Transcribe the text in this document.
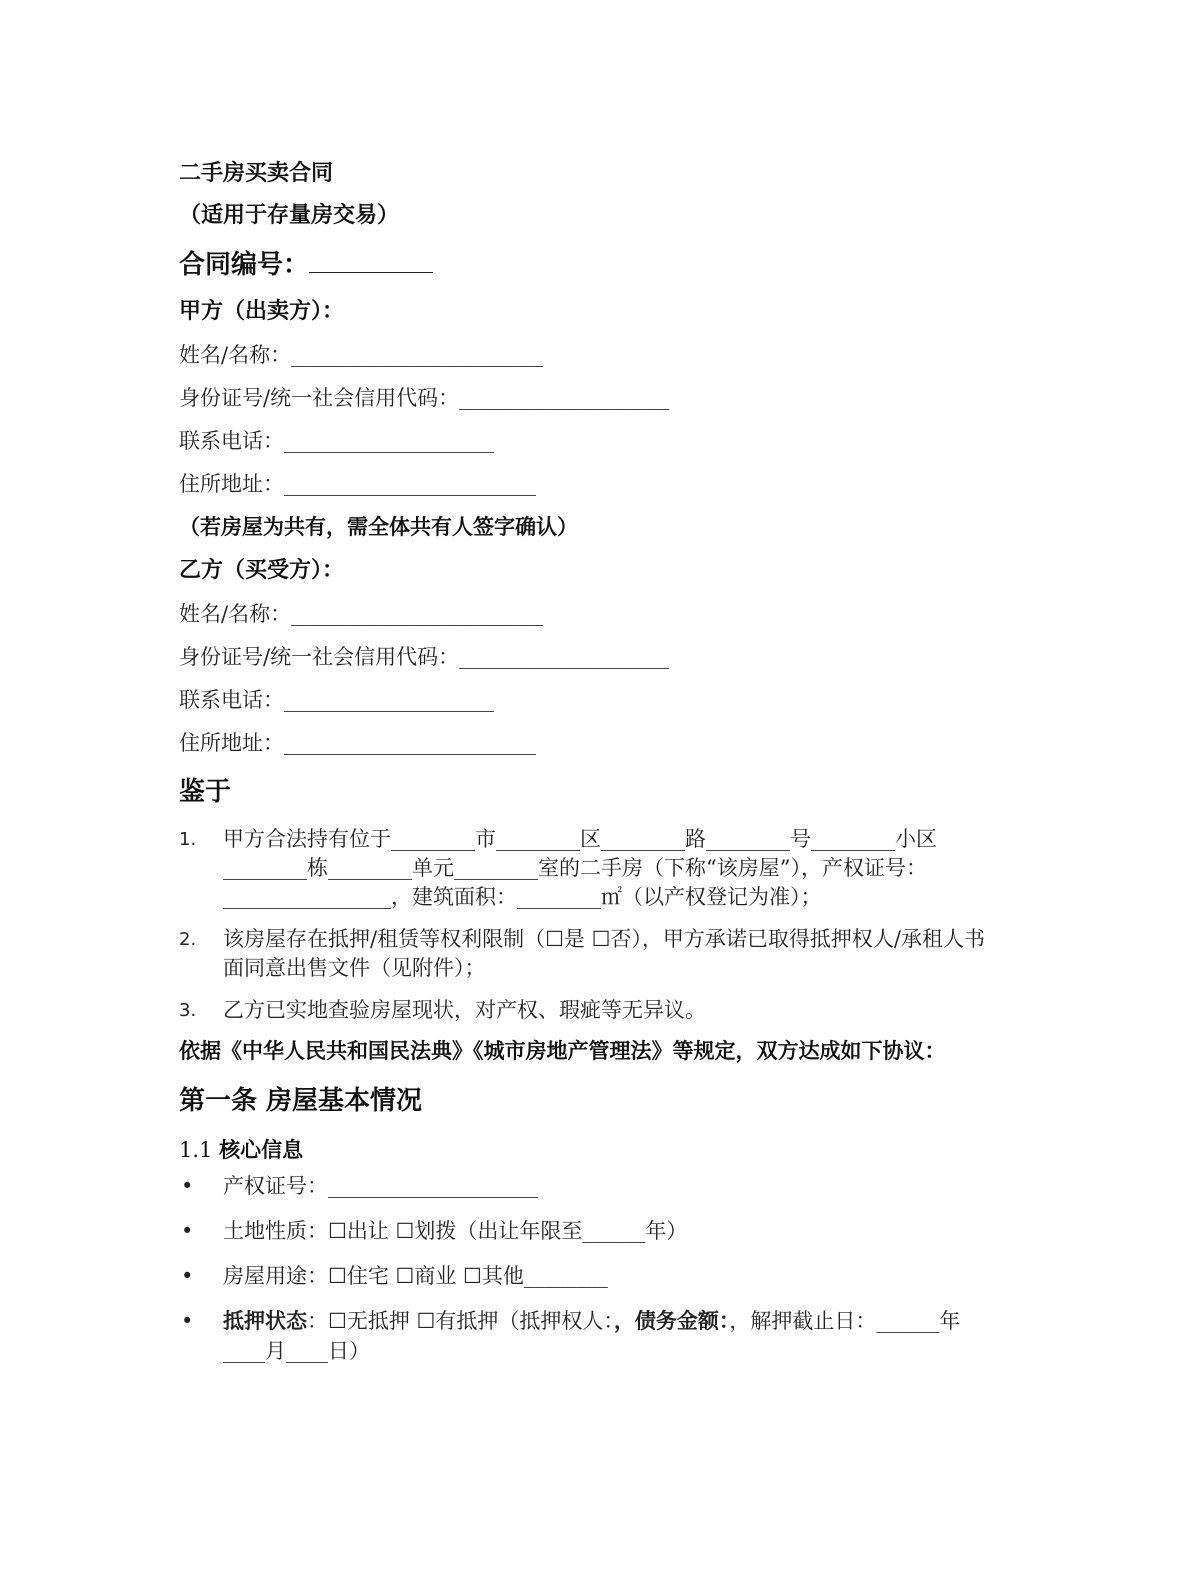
二手房买卖合同
（适用于存量房交易）
合同编号：
甲方（出卖方）：
姓名/名称：________________________
身份证号/统一社会信用代码：____________________
联系电话：____________________
住所地址：________________________
（若房屋为共有，需全体共有人签字确认）
乙方（买受方）：
姓名/名称：________________________
身份证号/统一社会信用代码：____________________
联系电话：____________________
住所地址：________________________
鉴于
1. 甲方合法持有位于________市________区________路________号________小区________栋________单元________室的二手房（下称“该房屋”），产权证号：________________，建筑面积：________㎡（以产权登记为准）；
2. 该房屋存在抵押/租赁等权利限制（☐是 ☐否），甲方承诺已取得抵押权人/承租人书面同意出售文件（见附件）；
3. 乙方已实地查验房屋现状，对产权、瑕疵等无异议。
依据《中华人民共和国民法典》《城市房地产管理法》等规定，双方达成如下协议：
第一条 房屋基本情况
1.1 核心信息
• 产权证号：____________________
• 土地性质：☐出让 ☐划拨（出让年限至______年）
• 房屋用途：☐住宅 ☐商业 ☐其他________
• 抵押状态：☐无抵押 ☐有抵押（抵押权人：，债务金额：，解押截止日：______年____月____日）
